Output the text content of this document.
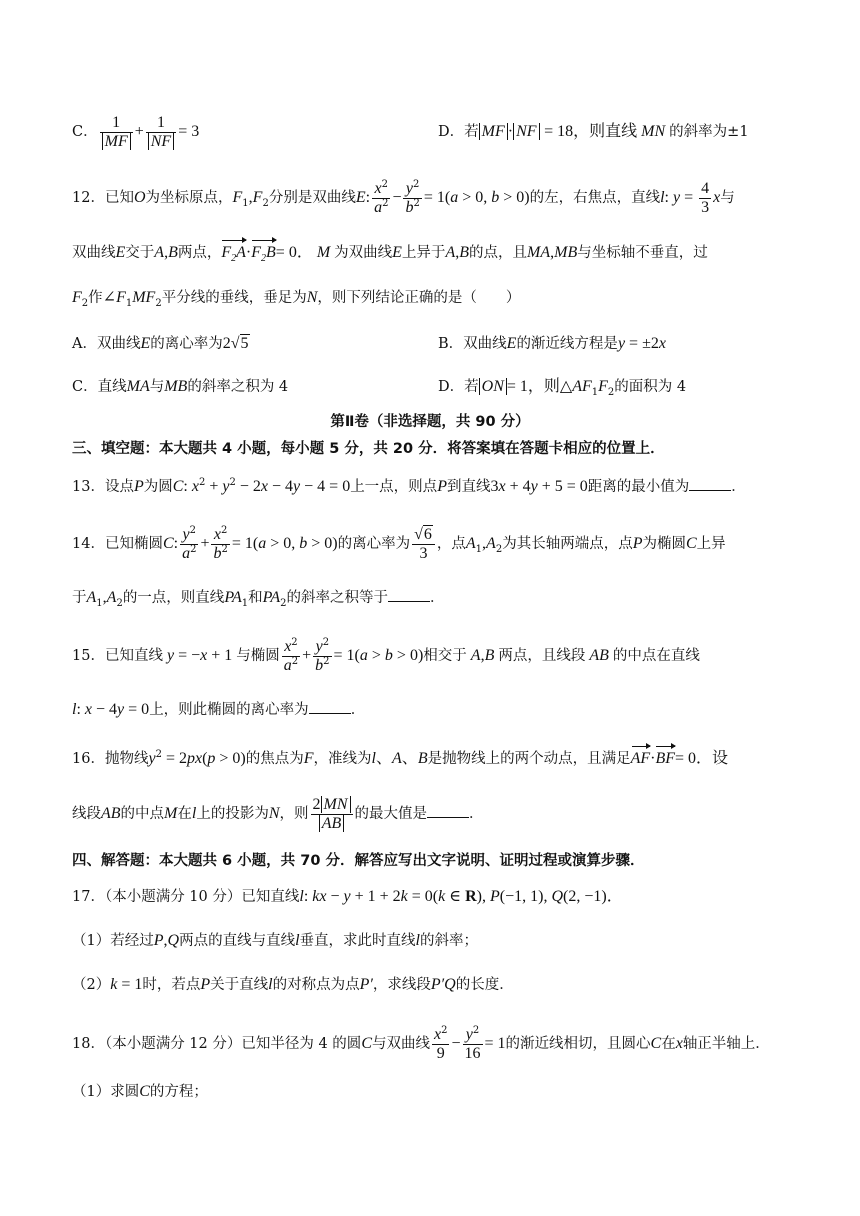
C． $\frac{1}{MF} + \frac{1}{NF} = 3$	D．若 MF · NF = 18，则直线 MN 的斜率为±1
12．已知O为坐标原点，$F_1,F_2$分别是双曲线E: $\frac{x^2}{a^2} - \frac{y^2}{b^2} = 1(a > 0$, b > 0)的左，右焦点，直线l: $y = \frac{4}{3}$ x与
双曲线E交于A,B两点，$F_2A\cdot F_2B= 0$． M 为双曲线E上异于A,B的点，且MA,MB与坐标轴不垂直，过
$F_2$作$\angle F_1MF_2$平分线的垂线，垂足为N，则下列结论正确的是（　　）
A．双曲线E的离心率为2√5	B．双曲线E的渐近线方程是y = ±2x
C．直线MA与MB的斜率之积为 4	D．若 ON = 1，则$\triangle AF_1F_2$的面积为 4
第Ⅱ卷（非选择题，共 90 分）
三、填空题：本大题共 4 小题，每小题 5 分，共 20 分．将答案填在答题卡相应的位置上．
13．设点P为圆C: $x^2 + y^2 - 2x - 4y - 4 = 0$上一点，则点P到直线3x + 4y + 5 = 0距离的最小值为	．
14．已知椭圆C: $\frac{y^2}{a^2} + \frac{x^2}{b^2} = 1(a > 0$, b > 0)的离心率为 $\frac{√6}{3}$ ，点$A_1,A_2$为其长轴两端点，点P为椭圆C上异
于$A_1,A_2$的一点，则直线$PA_1$和$PA_2$的斜率之积等于	．
15．已知直线 y = −x + 1 与椭圆 $\frac{x^2}{a^2} + \frac{y^2}{b^2} = 1(a > b > 0)$相交于 A,B 两点，且线段 AB 的中点在直线
l: x − 4y = 0上，则此椭圆的离心率为	．
16．抛物线$y^2 = 2px(p > 0)$的焦点为F，准线为l、A、B是抛物线上的两个动点，且满足AF·BF= 0．设
线段AB的中点M在l上的投影为N，则 $\frac{2 MN}{AB}$ 的最大值是	．
四、解答题：本大题共 6 小题，共 70 分．解答应写出文字说明、证明过程或演算步骤．
17．（本小题满分 10 分）已知直线l: kx − y + 1 + 2k = 0(k ∈ R), P(−1, 1), Q(2, −1)．
（1）若经过P,Q两点的直线与直线l垂直，求此时直线l的斜率；
（2）k = 1时，若点P关于直线l的对称点为点P′，求线段P′Q的长度．
18．（本小题满分 12 分）已知半径为 4 的圆C与双曲线 $\frac{x^2}{9} - \frac{y^2}{16} = 1$的渐近线相切，且圆心C在x轴正半轴上．
（1）求圆C的方程；
